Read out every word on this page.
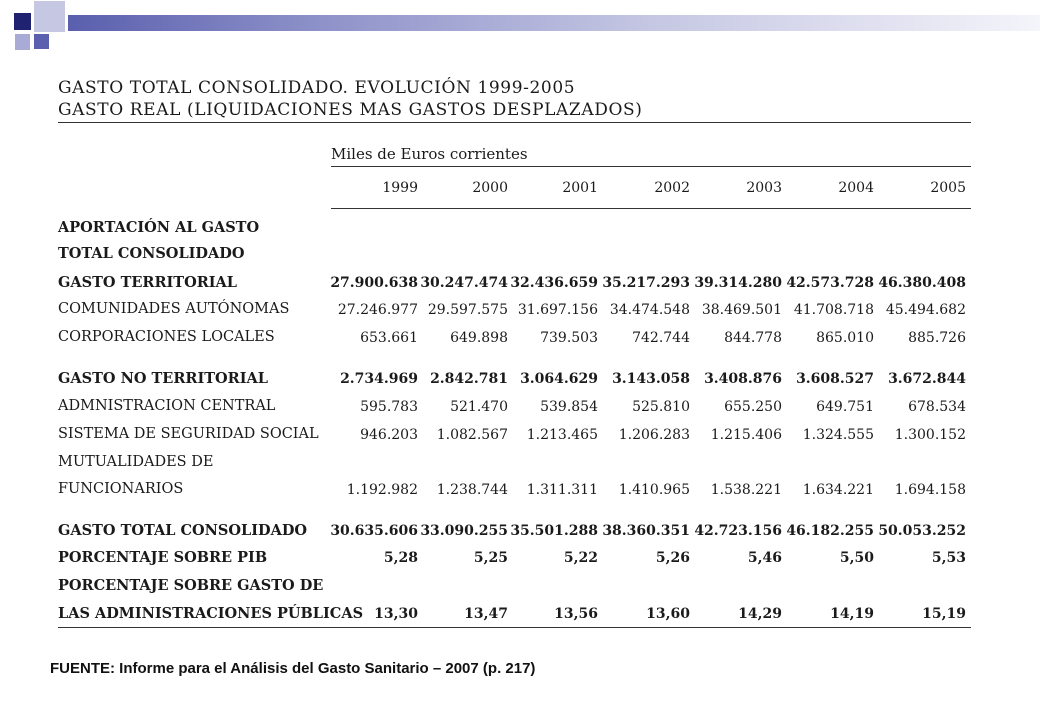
GASTO TOTAL CONSOLIDADO. EVOLUCIÓN 1999-2005
GASTO REAL (LIQUIDACIONES MAS GASTOS DESPLAZADOS)
Miles de Euros corrientes
1999	2000	2001	2002	2003	2004	2005
APORTACIÓN AL GASTO
TOTAL CONSOLIDADO
GASTO TERRITORIAL	27.900.638 30.247.474 32.436.659 35.217.293 39.314.280 42.573.728 46.380.408
COMUNIDADES AUTÓNOMAS	27.246.977 29.597.575 31.697.156 34.474.548 38.469.501 41.708.718 45.494.682
CORPORACIONES LOCALES	653.661	649.898	739.503	742.744	844.778	865.010	885.726
GASTO NO TERRITORIAL	2.734.969 2.842.781 3.064.629	3.143.058	3.408.876	3.608.527	3.672.844
ADMNISTRACION CENTRAL	595.783	521.470	539.854	525.810	655.250	649.751	678.534
SISTEMA DE SEGURIDAD SOCIAL	946.203	1.082.567	1.213.465	1.206.283	1.215.406	1.324.555	1.300.152
MUTUALIDADES DE
FUNCIONARIOS	1.192.982	1.238.744	1.311.311	1.410.965	1.538.221	1.634.221	1.694.158
GASTO TOTAL CONSOLIDADO	30.635.606 33.090.255 35.501.288 38.360.351 42.723.156 46.182.255 50.053.252
PORCENTAJE SOBRE PIB	5,28	5,25	5,22	5,26	5,46	5,50	5,53
PORCENTAJE SOBRE GASTO DE
LAS ADMINISTRACIONES PÚBLICAS 13,30	13,47	13,56	13,60	14,29	14,19	15,19
FUENTE: Informe para el Análisis del Gasto Sanitario – 2007 (p. 217)
